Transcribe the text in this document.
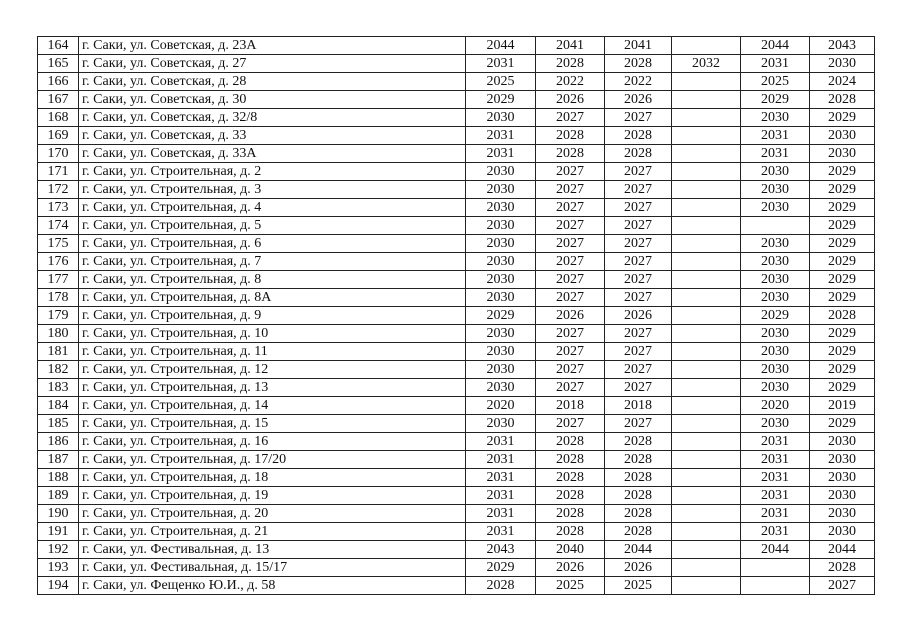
164	г. Саки, ул. Советская, д. 23А	2044	2041	2041		2044	2043
165	г. Саки, ул. Советская, д. 27	2031	2028	2028	2032	2031	2030
166	г. Саки, ул. Советская, д. 28	2025	2022	2022		2025	2024
167	г. Саки, ул. Советская, д. 30	2029	2026	2026		2029	2028
168	г. Саки, ул. Советская, д. 32/8	2030	2027	2027		2030	2029
169	г. Саки, ул. Советская, д. 33	2031	2028	2028		2031	2030
170	г. Саки, ул. Советская, д. 33А	2031	2028	2028		2031	2030
171	г. Саки, ул. Строительная, д. 2	2030	2027	2027		2030	2029
172	г. Саки, ул. Строительная, д. 3	2030	2027	2027		2030	2029
173	г. Саки, ул. Строительная, д. 4	2030	2027	2027		2030	2029
174	г. Саки, ул. Строительная, д. 5	2030	2027	2027			2029
175	г. Саки, ул. Строительная, д. 6	2030	2027	2027		2030	2029
176	г. Саки, ул. Строительная, д. 7	2030	2027	2027		2030	2029
177	г. Саки, ул. Строительная, д. 8	2030	2027	2027		2030	2029
178	г. Саки, ул. Строительная, д. 8А	2030	2027	2027		2030	2029
179	г. Саки, ул. Строительная, д. 9	2029	2026	2026		2029	2028
180	г. Саки, ул. Строительная, д. 10	2030	2027	2027		2030	2029
181	г. Саки, ул. Строительная, д. 11	2030	2027	2027		2030	2029
182	г. Саки, ул. Строительная, д. 12	2030	2027	2027		2030	2029
183	г. Саки, ул. Строительная, д. 13	2030	2027	2027		2030	2029
184	г. Саки, ул. Строительная, д. 14	2020	2018	2018		2020	2019
185	г. Саки, ул. Строительная, д. 15	2030	2027	2027		2030	2029
186	г. Саки, ул. Строительная, д. 16	2031	2028	2028		2031	2030
187	г. Саки, ул. Строительная, д. 17/20	2031	2028	2028		2031	2030
188	г. Саки, ул. Строительная, д. 18	2031	2028	2028		2031	2030
189	г. Саки, ул. Строительная, д. 19	2031	2028	2028		2031	2030
190	г. Саки, ул. Строительная, д. 20	2031	2028	2028		2031	2030
191	г. Саки, ул. Строительная, д. 21	2031	2028	2028		2031	2030
192	г. Саки, ул. Фестивальная, д. 13	2043	2040	2044		2044	2044
193	г. Саки, ул. Фестивальная, д. 15/17	2029	2026	2026			2028
194	г. Саки, ул. Фещенко Ю.И., д. 58	2028	2025	2025			2027
